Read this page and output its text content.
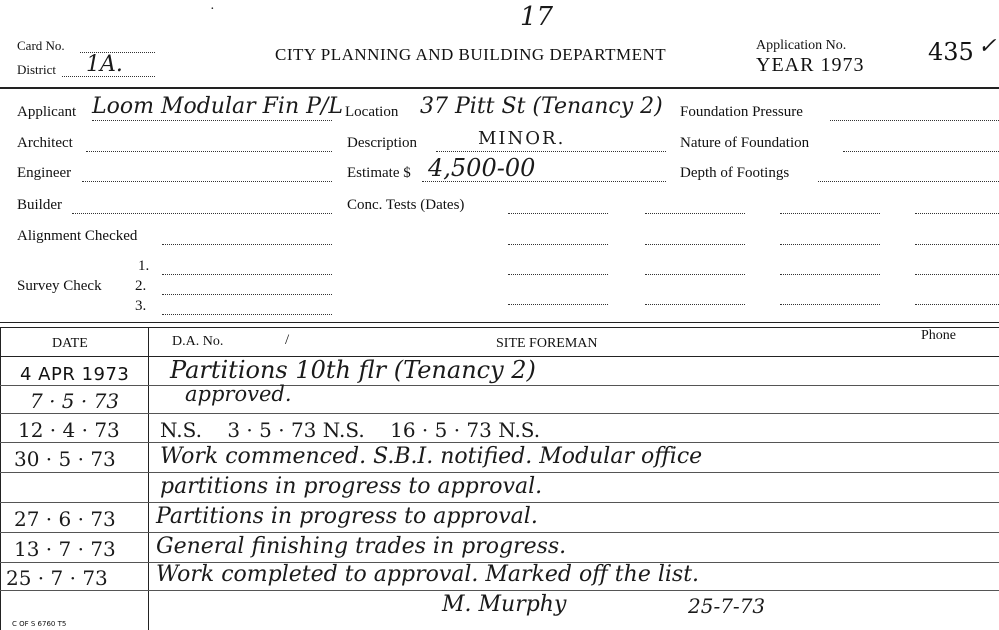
17
·
Card No.
District 1A.	CITY PLANNING AND BUILDING DEPARTMENT	Application No.
YEAR 1973	435 ✓
Applicant Loom Modular Fin P/L
Architect
Engineer
Builder
Alignment Checked
Survey Check
1.
2.
3.
Location 37 Pitt St (Tenancy 2)
Description	MINOR.
Estimate $ 4,500-00
Conc. Tests (Dates)
Foundation Pressure
Nature of Foundation
Depth of Footings
DATE	D.A. No.	/	SITE FOREMAN
Phone
4 APR 1973 Partitions 10th flr (Tenancy 2)
7 · 5 · 73	approved.
12 · 4 · 73 N.S.    3 · 5 · 73 N.S.    16 · 5 · 73 N.S.
30 · 5 · 73 Work commenced. S.B.I. notified. Modular office
partitions in progress to approval.
27 · 6 · 73 Partitions in progress to approval.
13 · 7 · 73 General finishing trades in progress.
25 · 7 · 73 Work completed to approval. Marked off the list.
M. Murphy	25-7-73
C OF S 6760 T5
